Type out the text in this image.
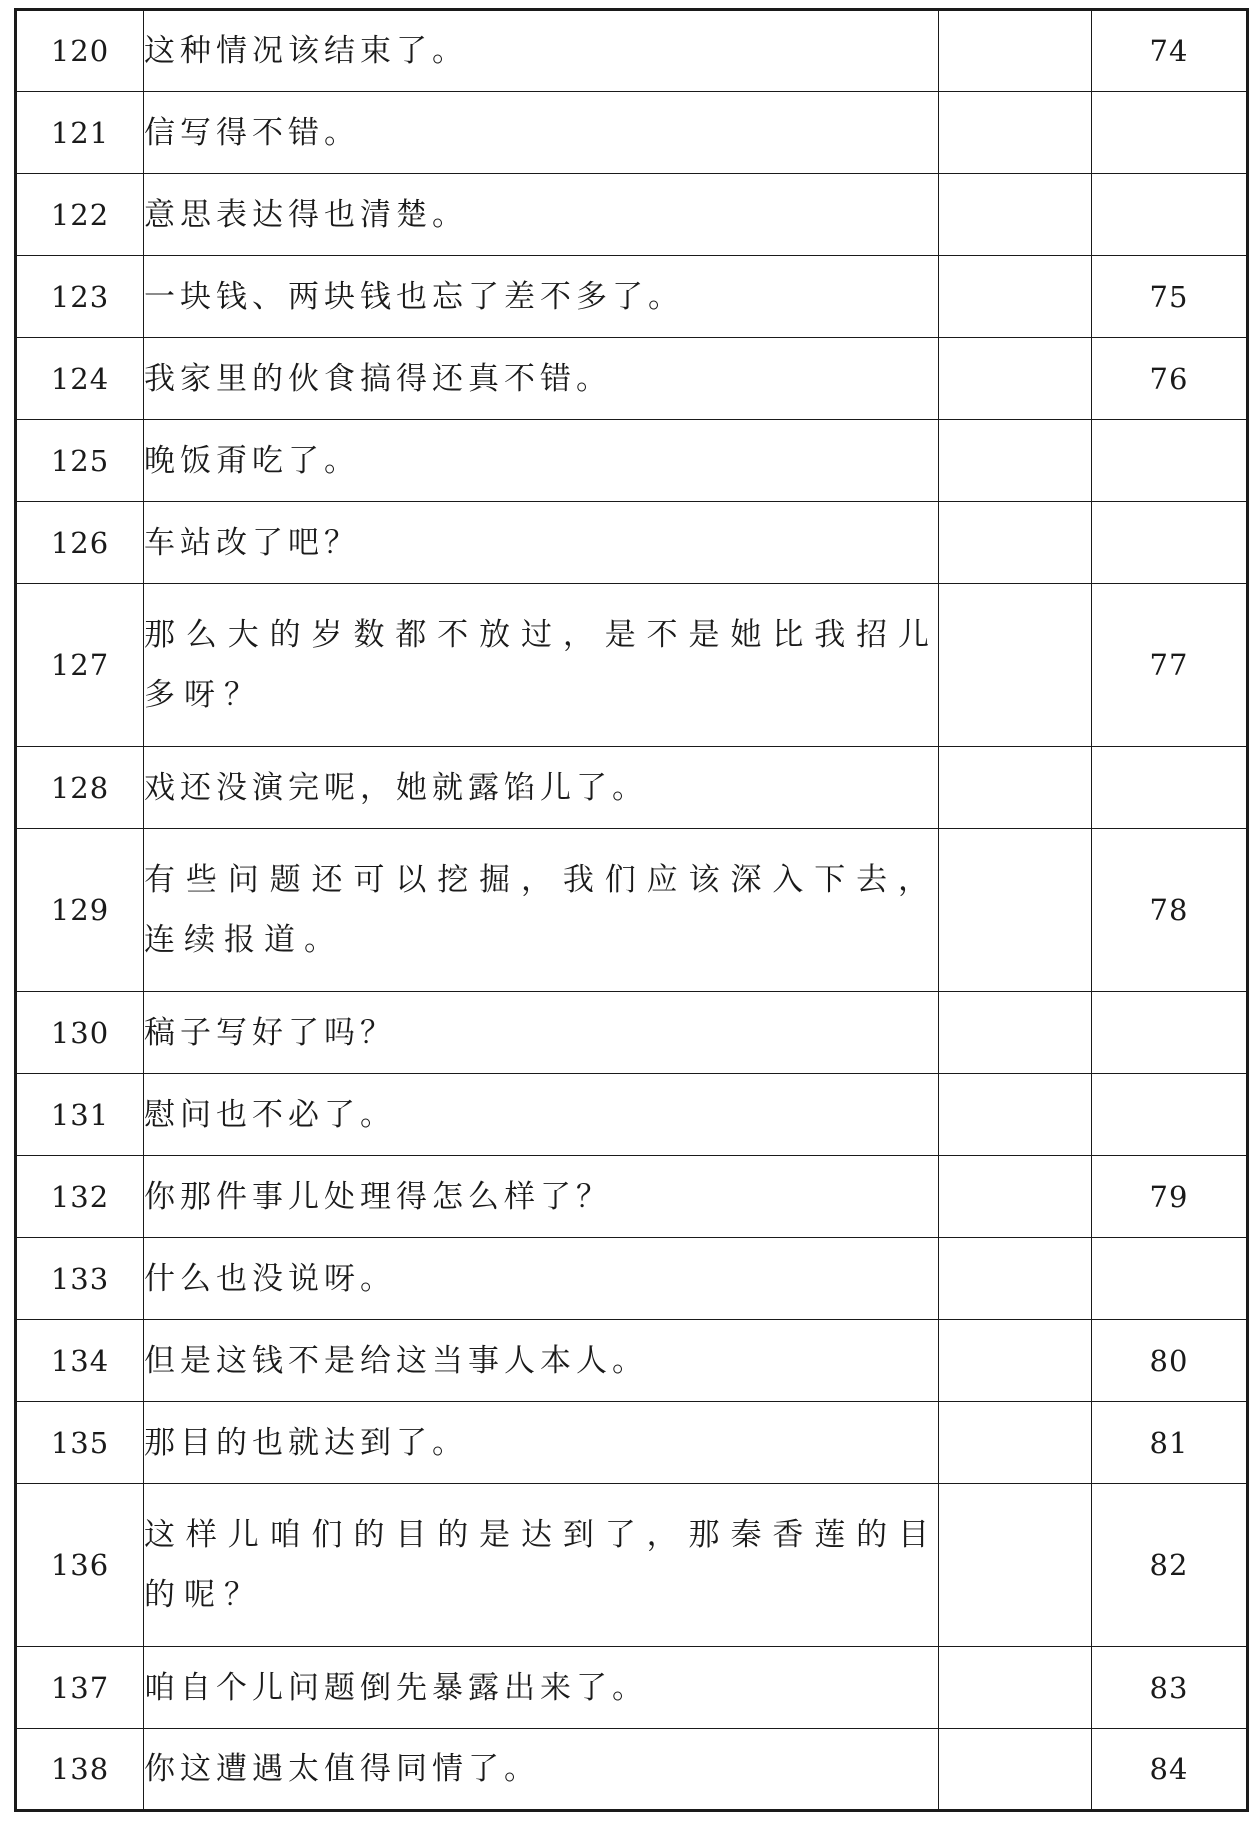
120	这种情况该结束了。		74
121	信写得不错。		
122	意思表达得也清楚。		
123	一块钱、两块钱也忘了差不多了。		75
124	我家里的伙食搞得还真不错。		76
125	晚饭甭吃了。		
126	车站改了吧？		
127	那么大的岁数都不放过，是不是她比我招儿多呀？		77
128	戏还没演完呢，她就露馅儿了。		
129	有些问题还可以挖掘，我们应该深入下去，连续报道。		78
130	稿子写好了吗？		
131	慰问也不必了。		
132	你那件事儿处理得怎么样了？		79
133	什么也没说呀。		
134	但是这钱不是给这当事人本人。		80
135	那目的也就达到了。		81
136	这样儿咱们的目的是达到了，那秦香莲的目的呢？		82
137	咱自个儿问题倒先暴露出来了。		83
138	你这遭遇太值得同情了。		84
